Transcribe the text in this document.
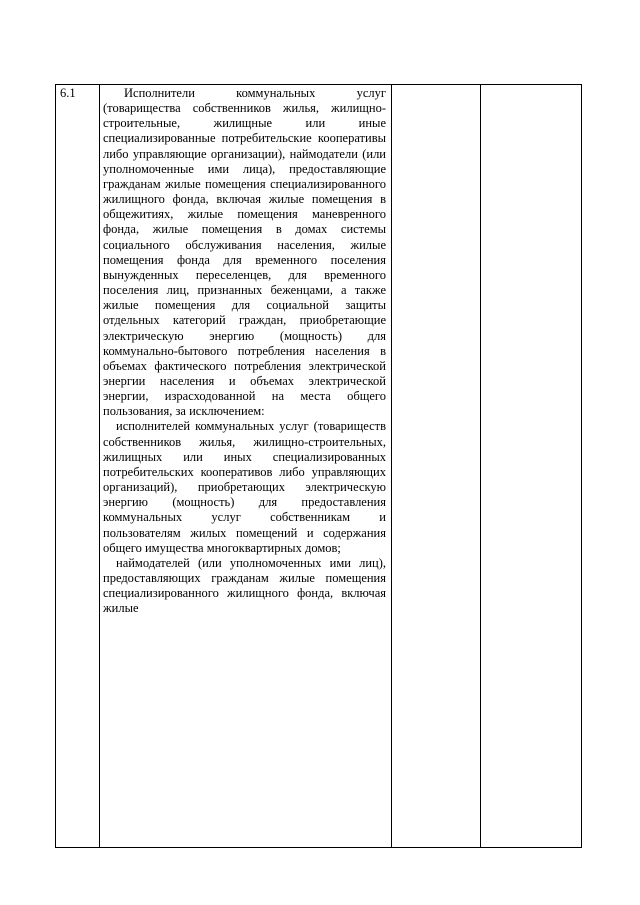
6.1	Исполнители коммунальных услуг (товарищества собственников жилья, жилищно-строительные, жилищные или иные специализированные потребительские кооперативы либо управляющие организации), наймодатели (или уполномоченные ими лица), предоставляющие гражданам жилые помещения специализированного жилищного фонда, включая жилые помещения в общежитиях, жилые помещения маневренного фонда, жилые помещения в домах системы социального обслуживания населения, жилые помещения фонда для временного поселения вынужденных переселенцев, для временного поселения лиц, признанных беженцами, а также жилые помещения для социальной защиты отдельных категорий граждан, приобретающие электрическую энергию (мощность) для коммунально-бытового потребления населения в объемах фактического потребления электрической энергии населения и объемах электрической энергии, израсходованной на места общего пользования, за исключением:

исполнителей коммунальных услуг (товариществ собственников жилья, жилищно-строительных, жилищных или иных специализированных потребительских кооперативов либо управляющих организаций), приобретающих электрическую энергию (мощность) для предоставления коммунальных услуг собственникам и пользователям жилых помещений и содержания общего имущества многоквартирных домов;

наймодателей (или уполномоченных ими лиц), предоставляющих гражданам жилые помещения специализированного жилищного фонда, включая жилые
